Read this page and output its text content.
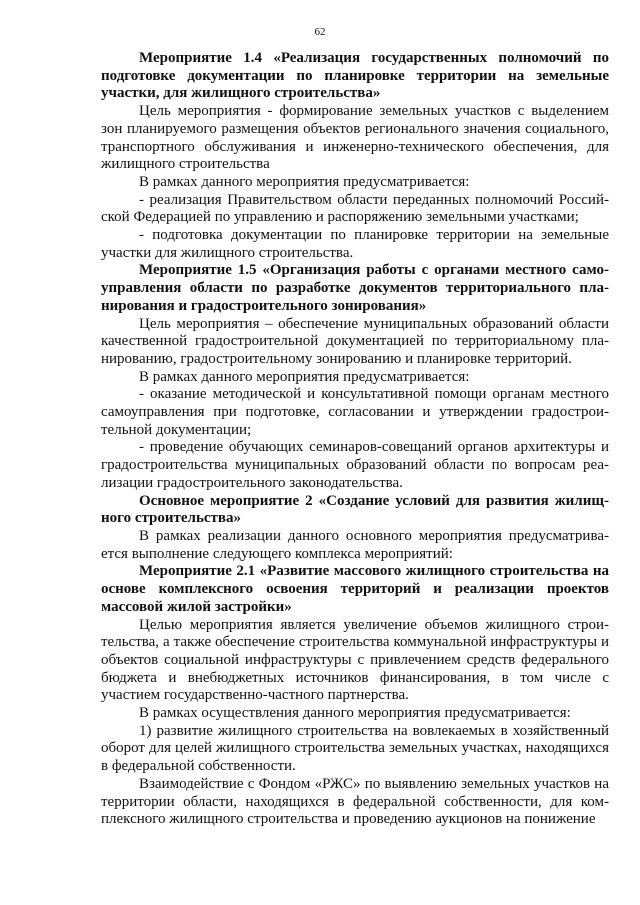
62

Мероприятие 1.4 «Реализация государственных полномочий по подготовке документации по планировке территории на земельные участки, для жилищного строительства»

Цель мероприятия - формирование земельных участков с выделением зон планируемого размещения объектов регионального значения социального, транспортного обслуживания и инженерно-технического обеспечения, для жилищного строительства

В рамках данного мероприятия предусматривается:

- реализация Правительством области переданных полномочий Российской Федерацией по управлению и распоряжению земельными участками;

- подготовка документации по планировке территории на земельные участки для жилищного строительства.

Мероприятие 1.5 «Организация работы с органами местного самоуправления области по разработке документов территориального планирования и градостроительного зонирования»

Цель мероприятия – обеспечение муниципальных образований области качественной градостроительной документацией по территориальному планированию, градостроительному зонированию и планировке территорий.

В рамках данного мероприятия предусматривается:

- оказание методической и консультативной помощи органам местного самоуправления при подготовке, согласовании и утверждении градостроительной документации;

- проведение обучающих семинаров-совещаний органов архитектуры и градостроительства муниципальных образований области по вопросам реализации градостроительного законодательства.

Основное мероприятие 2 «Создание условий для развития жилищного строительства»

В рамках реализации данного основного мероприятия предусматривается выполнение следующего комплекса мероприятий:

Мероприятие 2.1 «Развитие массового жилищного строительства на основе комплексного освоения территорий и реализации проектов массовой жилой застройки»

Целью мероприятия является увеличение объемов жилищного строительства, а также обеспечение строительства коммунальной инфраструктуры и объектов социальной инфраструктуры с привлечением средств федерального бюджета и внебюджетных источников финансирования, в том числе с участием государственно-частного партнерства.

В рамках осуществления данного мероприятия предусматривается:

1) развитие жилищного строительства на вовлекаемых в хозяйственный оборот для целей жилищного строительства земельных участках, находящихся в федеральной собственности.

Взаимодействие с Фондом «РЖС» по выявлению земельных участков на территории области, находящихся в федеральной собственности, для комплексного жилищного строительства и проведению аукционов на понижение
